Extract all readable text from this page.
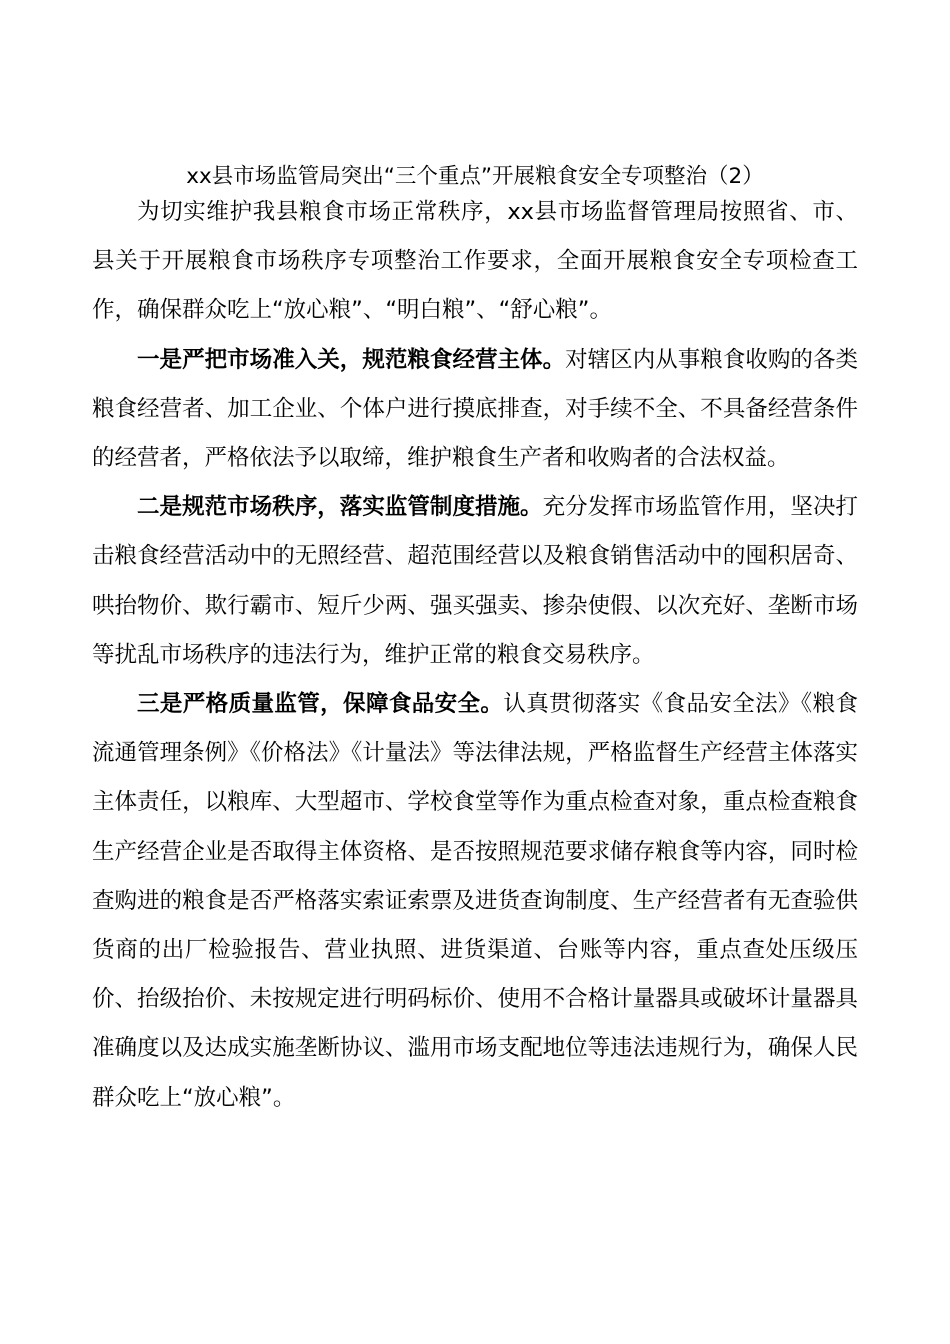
xx县市场监管局突出“三个重点”开展粮食安全专项整治（2）

为切实维护我县粮食市场正常秩序，xx县市场监督管理局按照省、市、县关于开展粮食市场秩序专项整治工作要求，全面开展粮食安全专项检查工作，确保群众吃上“放心粮”、“明白粮”、“舒心粮”。

一是严把市场准入关，规范粮食经营主体。对辖区内从事粮食收购的各类粮食经营者、加工企业、个体户进行摸底排查，对手续不全、不具备经营条件的经营者，严格依法予以取缔，维护粮食生产者和收购者的合法权益。

二是规范市场秩序，落实监管制度措施。充分发挥市场监管作用，坚决打击粮食经营活动中的无照经营、超范围经营以及粮食销售活动中的囤积居奇、哄抬物价、欺行霸市、短斤少两、强买强卖、掺杂使假、以次充好、垄断市场等扰乱市场秩序的违法行为，维护正常的粮食交易秩序。

三是严格质量监管，保障食品安全。认真贯彻落实《食品安全法》《粮食流通管理条例》《价格法》《计量法》等法律法规，严格监督生产经营主体落实主体责任，以粮库、大型超市、学校食堂等作为重点检查对象，重点检查粮食生产经营企业是否取得主体资格、是否按照规范要求储存粮食等内容，同时检查购进的粮食是否严格落实索证索票及进货查询制度、生产经营者有无查验供货商的出厂检验报告、营业执照、进货渠道、台账等内容，重点查处压级压价、抬级抬价、未按规定进行明码标价、使用不合格计量器具或破坏计量器具准确度以及达成实施垄断协议、滥用市场支配地位等违法违规行为，确保人民群众吃上“放心粮”。
